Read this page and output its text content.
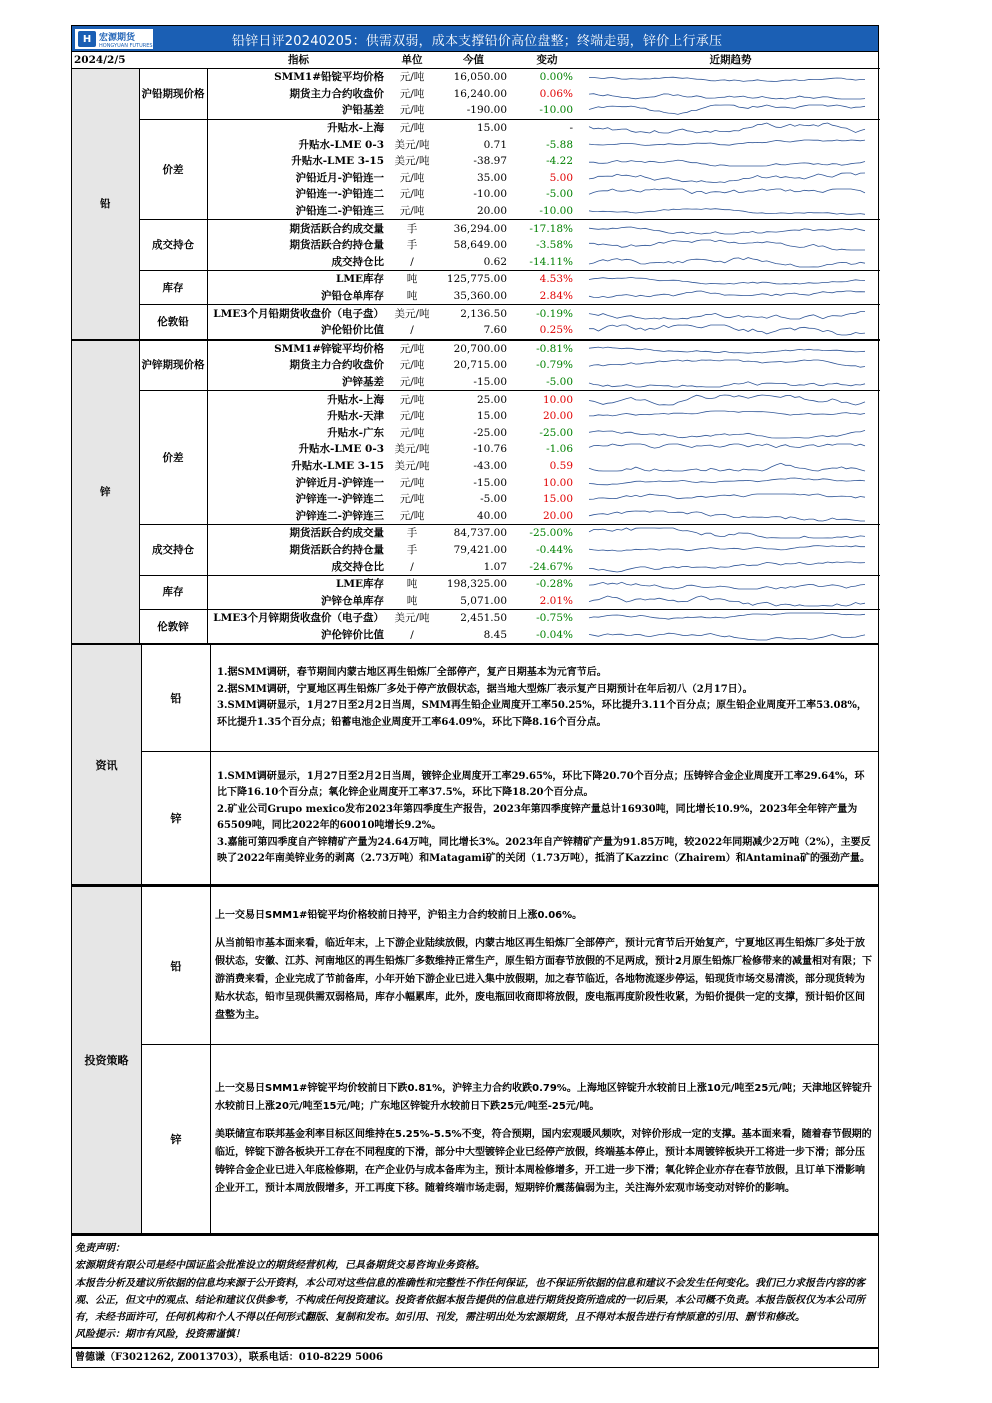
H 宏源期货
HONGYUAN FUTURES	铅锌日评20240205：供需双弱，成本支撑铅价高位盘整；终端走弱，锌价上行承压
2024/2/5		指标	单位	今值	变动	近期趋势
铅	沪铅期现价格	SMM1#铅锭平均价格	元/吨	16,050.00	0.00%	

		期货主力合约收盘价	元/吨	16,240.00	0.06%	

		沪铅基差	元/吨	-190.00	-10.00	

	价差	升贴水-上海	元/吨	15.00	-	

		升贴水-LME 0-3	美元/吨	0.71	-5.88	

		升贴水-LME 3-15	美元/吨	-38.97	-4.22	

		沪铅近月-沪铅连一	元/吨	35.00	5.00	

		沪铅连一-沪铅连二	元/吨	-10.00	-5.00	

		沪铅连二-沪铅连三	元/吨	20.00	-10.00	

	成交持仓	期货活跃合约成交量	手	36,294.00	-17.18%	

		期货活跃合约持仓量	手	58,649.00	-3.58%	

		成交持仓比	/	0.62	-14.11%	

	库存	LME库存	吨	125,775.00	4.53%	

		沪铅仓单库存	吨	35,360.00	2.84%	

	伦敦铅	LME3个月铅期货收盘价（电子盘）	美元/吨	2,136.50	-0.19%	

		沪伦铅价比值	/	7.60	0.25%	

锌	沪锌期现价格	SMM1#锌锭平均价格	元/吨	20,700.00	-0.81%	

		期货主力合约收盘价	元/吨	20,715.00	-0.79%	

		沪锌基差	元/吨	-15.00	-5.00	

	价差	升贴水-上海	元/吨	25.00	10.00	

		升贴水-天津	元/吨	15.00	20.00	

		升贴水-广东	元/吨	-25.00	-25.00	

		升贴水-LME 0-3	美元/吨	-10.76	-1.06	

		升贴水-LME 3-15	美元/吨	-43.00	0.59	

		沪锌近月-沪锌连一	元/吨	-15.00	10.00	

		沪锌连一-沪锌连二	元/吨	-5.00	15.00	

		沪锌连二-沪锌连三	元/吨	40.00	20.00	

	成交持仓	期货活跃合约成交量	手	84,737.00	-25.00%	

		期货活跃合约持仓量	手	79,421.00	-0.44%	

		成交持仓比	/	1.07	-24.67%	

	库存	LME库存	吨	198,325.00	-0.28%	

		沪锌仓单库存	吨	5,071.00	2.01%	

	伦敦锌	LME3个月锌期货收盘价（电子盘）	美元/吨	2,451.50	-0.75%	

		沪伦锌价比值	/	8.45	-0.04%	
资讯	铅	1.据SMM调研，春节期间内蒙古地区再生铅炼厂全部停产，复产日期基本为元宵节后。

2.据SMM调研，宁夏地区再生铅炼厂多处于停产放假状态，据当地大型炼厂表示复产日期预计在年后初八（2月17日）。

3.SMM调研显示，1月27日至2月2日当周，SMM再生铅企业周度开工率50.25%，环比提升3.11个百分点；原生铅企业周度开工率53.08%，环比提升1.35个百分点；铅蓄电池企业周度开工率64.09%，环比下降8.16个百分点。

	锌	1.SMM调研显示，1月27日至2月2日当周，镀锌企业周度开工率29.65%，环比下降20.70个百分点；压铸锌合金企业周度开工率29.64%，环比下降16.10个百分点；氧化锌企业周度开工率37.5%，环比下降18.20个百分点。

2.矿业公司Grupo mexico发布2023年第四季度生产报告，2023年第四季度锌产量总计16930吨，同比增长10.9%，2023年全年锌产量为65509吨，同比2022年的60010吨增长9.2%。

3.嘉能可第四季度自产锌精矿产量为24.64万吨，同比增长3%。2023年自产锌精矿产量为91.85万吨，较2022年同期减少2万吨（2%），主要反映了2022年南美锌业务的剥离（2.73万吨）和Matagami矿的关闭（1.73万吨），抵消了Kazzinc（Zhairem）和Antamina矿的强劲产量。

投资策略	铅	上一交易日SMM1#铅锭平均价格较前日持平，沪铅主力合约较前日上涨0.06%。

从当前铅市基本面来看，临近年末，上下游企业陆续放假，内蒙古地区再生铅炼厂全部停产，预计元宵节后开始复产，宁夏地区再生铅炼厂多处于放假状态，安徽、江苏、河南地区的再生铅炼厂多数维持正常生产，原生铅方面春节放假的不足两成，预计2月原生铅炼厂检修带来的减量相对有限；下游消费来看，企业完成了节前备库，小年开始下游企业已进入集中放假期，加之春节临近，各地物流逐步停运，铅现货市场交易清淡，部分现货转为贴水状态，铅市呈现供需双弱格局，库存小幅累库，此外，废电瓶回收商即将放假，废电瓶再度阶段性收紧，为铅价提供一定的支撑，预计铅价区间盘整为主。

	锌	上一交易日SMM1#锌锭平均价较前日下跌0.81%，沪锌主力合约收跌0.79%。上海地区锌锭升水较前日上涨10元/吨至25元/吨；天津地区锌锭升水较前日上涨20元/吨至15元/吨；广东地区锌锭升水较前日下跌25元/吨至-25元/吨。

美联储宣布联邦基金利率目标区间维持在5.25%-5.5%不变，符合预期，国内宏观暖风频吹，对锌价形成一定的支撑。基本面来看，随着春节假期的临近，锌锭下游各板块开工存在不同程度的下滑，部分中大型镀锌企业已经停产放假，终端基本停止，预计本周镀锌板块开工将进一步下滑；部分压铸锌合金企业已进入年底检修期，在产企业仍与成本备库为主，预计本周检修增多，开工进一步下滑；氧化锌企业亦存在春节放假，且订单下滑影响企业开工，预计本周放假增多，开工再度下移。随着终端市场走弱，短期锌价震荡偏弱为主，关注海外宏观市场变动对锌价的影响。

免责声明：

宏源期货有限公司是经中国证监会批准设立的期货经营机构，已具备期货交易咨询业务资格。

本报告分析及建议所依据的信息均来源于公开资料，本公司对这些信息的准确性和完整性不作任何保证，也不保证所依据的信息和建议不会发生任何变化。我们已力求报告内容的客观、公正，但文中的观点、结论和建议仅供参考，不构成任何投资建议。投资者依据本报告提供的信息进行期货投资所造成的一切后果，本公司概不负责。本报告版权仅为本公司所有，未经书面许可，任何机构和个人不得以任何形式翻版、复制和发布。如引用、刊发，需注明出处为宏源期货，且不得对本报告进行有悖原意的引用、删节和修改。

风险提示：期市有风险，投资需谨慎！

曾德谦（F3021262, Z0013703），联系电话：010-8229 5006
